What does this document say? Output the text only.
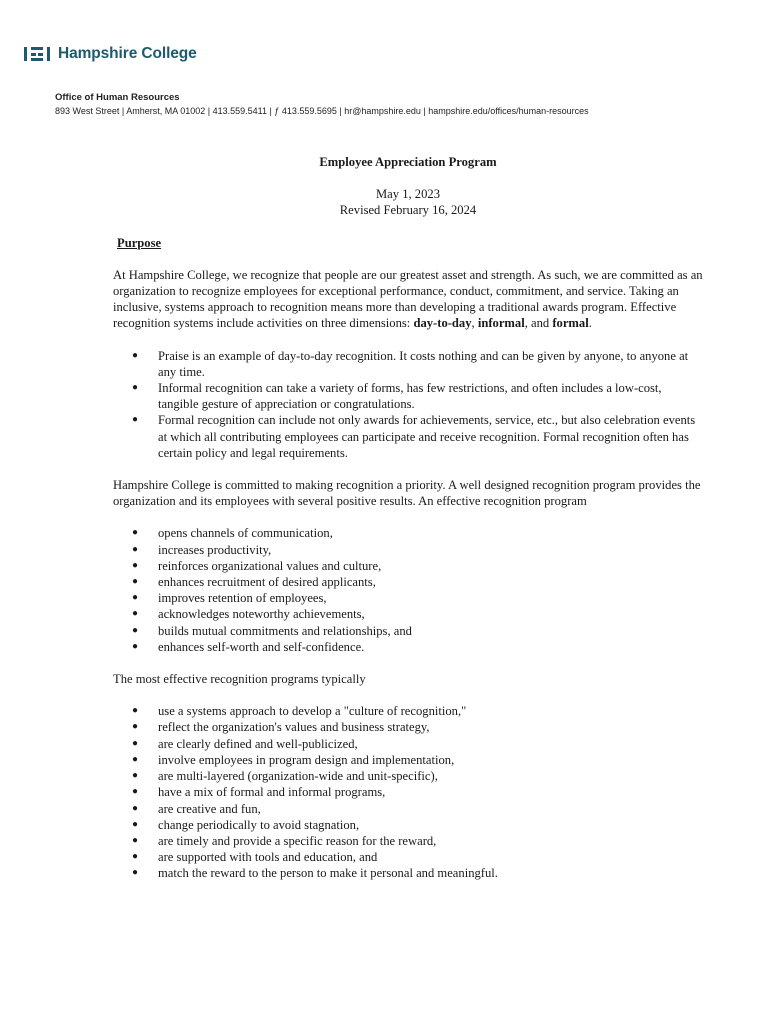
Hampshire College
Office of Human Resources
893 West Street | Amherst, MA 01002 | 413.559.5411 | ƒ 413.559.5695 | hr@hampshire.edu | hampshire.edu/offices/human-resources

Employee Appreciation Program

May 1, 2023

Revised February 16, 2024

Purpose

At Hampshire College, we recognize that people are our greatest asset and strength. As such, we are committed as an organization to recognize employees for exceptional performance, conduct, commitment, and service. Taking an inclusive, systems approach to recognition means more than developing a traditional awards program. Effective recognition systems include activities on three dimensions: day-to-day, informal, and formal.

● Praise is an example of day-to-day recognition. It costs nothing and can be given by anyone, to anyone at any time.
● Informal recognition can take a variety of forms, has few restrictions, and often includes a low-cost, tangible gesture of appreciation or congratulations.
● Formal recognition can include not only awards for achievements, service, etc., but also celebration events at which all contributing employees can participate and receive recognition. Formal recognition often has certain policy and legal requirements.

Hampshire College is committed to making recognition a priority. A well designed recognition program provides the organization and its employees with several positive results. An effective recognition program

● opens channels of communication,
● increases productivity,
● reinforces organizational values and culture,
● enhances recruitment of desired applicants,
● improves retention of employees,
● acknowledges noteworthy achievements,
● builds mutual commitments and relationships, and
● enhances self-worth and self-confidence.

The most effective recognition programs typically

● use a systems approach to develop a "culture of recognition,"
● reflect the organization's values and business strategy,
● are clearly defined and well-publicized,
● involve employees in program design and implementation,
● are multi-layered (organization-wide and unit-specific),
● have a mix of formal and informal programs,
● are creative and fun,
● change periodically to avoid stagnation,
● are timely and provide a specific reason for the reward,
● are supported with tools and education, and
● match the reward to the person to make it personal and meaningful.
